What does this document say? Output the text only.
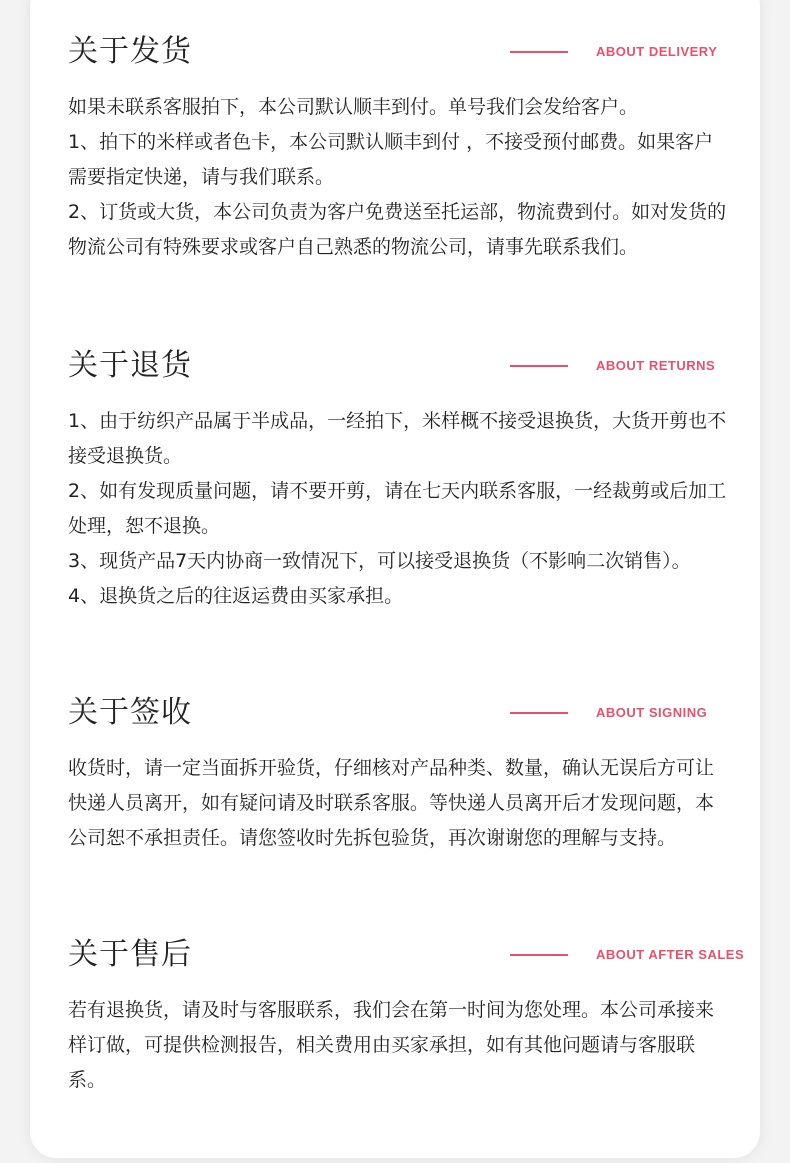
关于发货	ABOUT DELIVERY

如果未联系客服拍下，本公司默认顺丰到付。单号我们会发给客户。

1、拍下的米样或者色卡，本公司默认顺丰到付 ，不接受预付邮费。如果客户需要指定快递，请与我们联系。

2、订货或大货，本公司负责为客户免费送至托运部，物流费到付。如对发货的物流公司有特殊要求或客户自己熟悉的物流公司，请事先联系我们。

关于退货	ABOUT RETURNS

1、由于纺织产品属于半成品，一经拍下，米样概不接受退换货，大货开剪也不接受退换货。

2、如有发现质量问题，请不要开剪，请在七天内联系客服，一经裁剪或后加工处理，恕不退换。

3、现货产品7天内协商一致情况下，可以接受退换货（不影响二次销售）。

4、退换货之后的往返运费由买家承担。

关于签收	ABOUT SIGNING

收货时，请一定当面拆开验货，仔细核对产品种类、数量，确认无误后方可让快递人员离开，如有疑问请及时联系客服。等快递人员离开后才发现问题，本公司恕不承担责任。请您签收时先拆包验货，再次谢谢您的理解与支持。

关于售后	ABOUT AFTER SALES

若有退换货，请及时与客服联系，我们会在第一时间为您处理。本公司承接来样订做，可提供检测报告，相关费用由买家承担，如有其他问题请与客服联系。
